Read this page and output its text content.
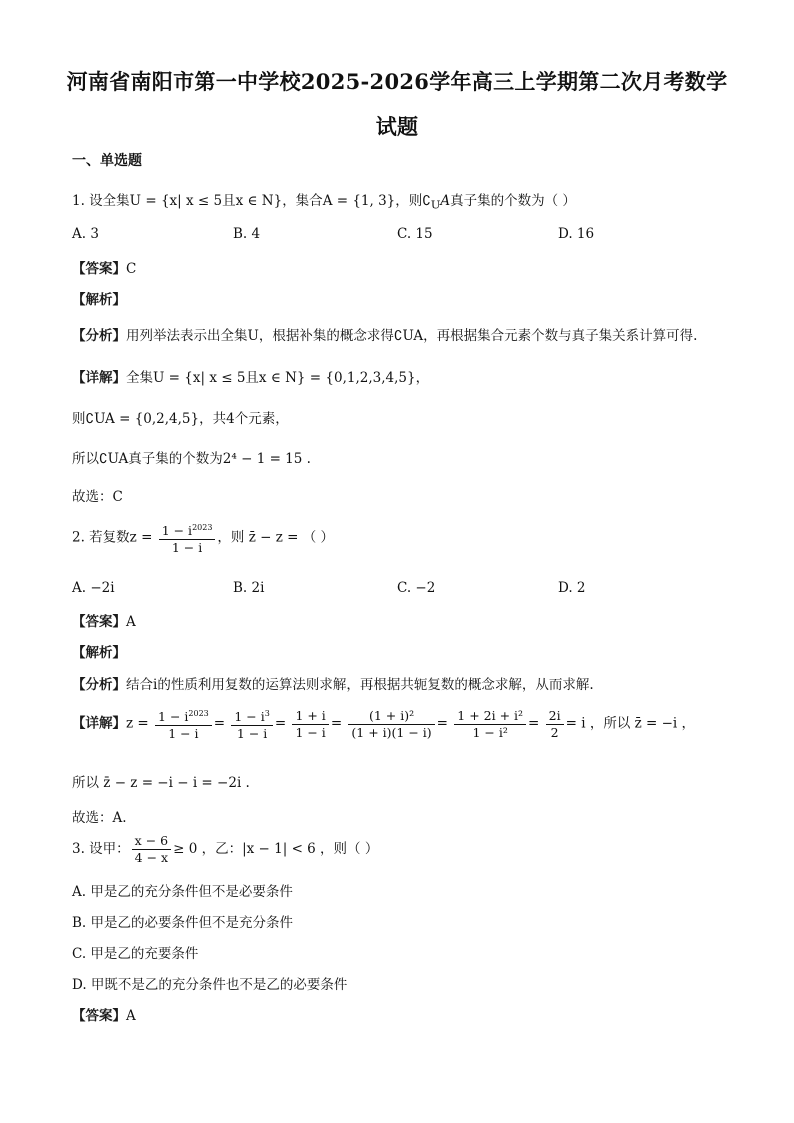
河南省南阳市第一中学校2025-2026学年高三上学期第二次月考数学
试题
一、单选题
1. 设全集U = {x| x ≤ 5且x ∈ N}，集合A = {1, 3}，则$∁_UA$真子集的个数为（ ）
A. 3	B. 4	C. 15	D. 16
【答案】C
【解析】
【分析】用列举法表示出全集U，根据补集的概念求得∁UA，再根据集合元素个数与真子集关系计算可得.
【详解】全集U = {x| x ≤ 5且x ∈ N} = {0,1,2,3,4,5}，
则∁UA = {0,2,4,5}，共4个元素，
所以∁UA真子集的个数为2⁴ − 1 = 15 .
故选：C
2. 若复数$z = \frac{1 - i^{2023}}{1 - i}$ ，则 z̄ − z = （ ）
A. −2i	B. 2i	C. −2	D. 2
【答案】A
【解析】
【分析】结合i的性质利用复数的运算法则求解，再根据共轭复数的概念求解，从而求解.
【详解】$z = \frac{1 - i^{2023}}{1 - i} = \frac{1 - i^3}{1 - i} = \frac{1 + i}{1 - i} = \frac{\text{(1 + i)²}}{(1 + i)(1 - i)} = \frac{\text{1 + 2i + i²}}{\text{1 − i²}} = \frac{2i}{2} = i$ ，所以 z̄ = −i ，
所以 z̄ − z = −i − i = −2i .
故选：A.
3. 设甲： $\frac{x - 6}{4 - x} \ge 0$ ，乙：|x − 1| < 6 ，则（ ）
A. 甲是乙的充分条件但不是必要条件
B. 甲是乙的必要条件但不是充分条件
C. 甲是乙的充要条件
D. 甲既不是乙的充分条件也不是乙的必要条件
【答案】A
